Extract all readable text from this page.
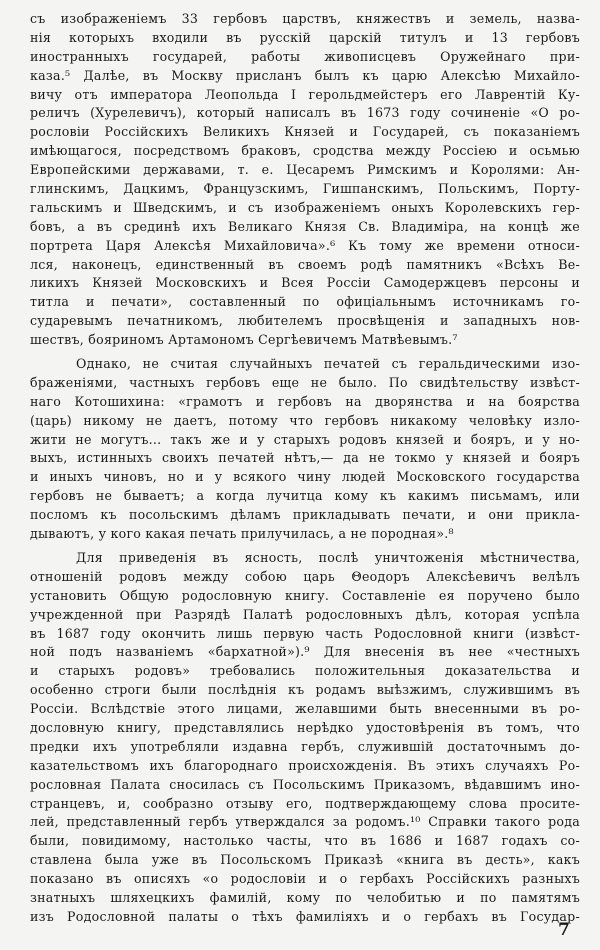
съ изображеніемъ 33 гербовъ царствъ, княжествъ и земель, назва-
нія которыхъ входили въ русскій царскій титулъ и 13 гербовъ
иностранныхъ государей, работы живописцевъ Оружейнаго при-
каза.⁵ Далѣе, въ Москву присланъ былъ къ царю Алексѣю Михайло-
вичу отъ императора Леопольда I герольдмейстеръ его Лаврентій Ку-
реличъ (Хурелевичъ), который написалъ въ 1673 году сочиненіе «О ро-
рословіи Россійскихъ Великихъ Князей и Государей, съ показаніемъ
имѣющагося, посредствомъ браковъ, сродства между Россіею и осьмью
Европейскими державами, т. е. Цесаремъ Римскимъ и Королями: Ан-
глинскимъ, Дацкимъ, Французскимъ, Гишпанскимъ, Польскимъ, Порту-
гальскимъ и Шведскимъ, и съ изображеніемъ оныхъ Королевскихъ гер-
бовъ, а въ срединѣ ихъ Великаго Князя Св. Владиміра, на концѣ же
портрета Царя Алексѣя Михайловича».⁶ Къ тому же времени относи-
лся, наконецъ, единственный въ своемъ родѣ памятникъ «Всѣхъ Ве-
ликихъ Князей Московскихъ и Всея Россіи Самодержцевъ персоны и
титла и печати», составленный по офиціальнымъ источникамъ го-
сударевымъ печатникомъ, любителемъ просвѣщенія и западныхъ нов-
шествъ, бояриномъ Артамономъ Сергѣевичемъ Матвѣевымъ.⁷
Однако, не считая случайныхъ печатей съ геральдическими изо-
браженіями, частныхъ гербовъ еще не было. По свидѣтельству извѣст-
наго Котошихина: «грамотъ и гербовъ на дворянства и на боярства
(царь) никому не даетъ, потому что гербовъ никакому человѣку изло-
жити не могутъ... такъ же и у старыхъ родовъ князей и бояръ, и у но-
выхъ, истинныхъ своихъ печатей нѣтъ,— да не токмо у князей и бояръ
и иныхъ чиновъ, но и у всякого чину людей Московского государства
гербовъ не бываетъ; а когда лучитца кому къ какимъ письмамъ, или
посломъ къ посольскимъ дѣламъ прикладывать печати, и они прикла-
дываютъ, у кого какая печать прилучилась, а не породная».⁸
Для приведенія въ ясность, послѣ уничтоженія мѣстничества,
отношеній родовъ между собою царь Θеодоръ Алексѣевичъ велѣлъ
установить Общую родословную книгу. Составленіе ея поручено было
учрежденной при Разрядѣ Палатѣ родословныхъ дѣлъ, которая успѣла
въ 1687 году окончить лишь первую часть Родословной книги (извѣст-
ной подъ названіемъ «бархатной»).⁹ Для внесенія въ нее «честныхъ
и старыхъ родовъ» требовались положительныя доказательства и
особенно строги были послѣднія къ родамъ выѣзжимъ, служившимъ въ
Россіи. Вслѣдствіе этого лицами, желавшими быть внесенными въ ро-
дословную книгу, представлялись нерѣдко удостовѣренія въ томъ, что
предки ихъ употребляли издавна гербъ, служившій достаточнымъ до-
казательствомъ ихъ благороднаго происхожденія. Въ этихъ случаяхъ Ро-
рословная Палата сносилась съ Посольскимъ Приказомъ, вѣдавшимъ ино-
странцевъ, и, сообразно отзыву его, подтверждающему слова просите-
лей, представленный гербъ утверждался за родомъ.¹⁰ Справки такого рода
были, повидимому, настолько часты, что въ 1686 и 1687 годахъ со-
ставлена была уже въ Посольскомъ Приказѣ «книга въ десть», какъ
показано въ описяхъ «о родословіи и о гербахъ Россійскихъ разныхъ
знатныхъ шляхецкихъ фамилій, кому по челобитью и по памятямъ
изъ Родословной палаты о тѣхъ фамиліяхъ и о гербахъ въ Государ-
7
